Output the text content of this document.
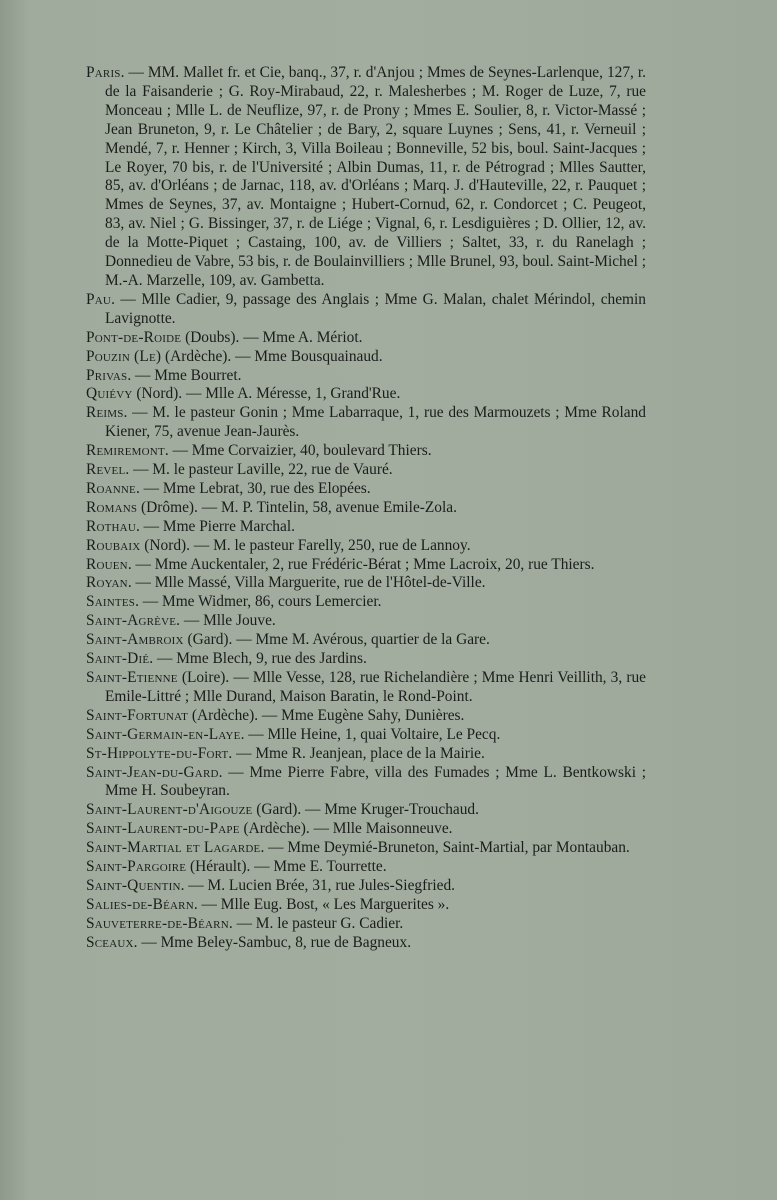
Paris. — MM. Mallet fr. et Cie, banq., 37, r. d'Anjou ; Mmes de Seynes-Larlenque, 127, r. de la Faisanderie ; G. Roy-Mirabaud, 22, r. Malesherbes ; M. Roger de Luze, 7, rue Monceau ; Mlle L. de Neuflize, 97, r. de Prony ; Mmes E. Soulier, 8, r. Victor-Massé ; Jean Bruneton, 9, r. Le Châtelier ; de Bary, 2, square Luynes ; Sens, 41, r. Verneuil ; Mendé, 7, r. Henner ; Kirch, 3, Villa Boileau ; Bonneville, 52 bis, boul. Saint-Jacques ; Le Royer, 70 bis, r. de l'Université ; Albin Dumas, 11, r. de Pétrograd ; Mlles Sautter, 85, av. d'Orléans ; de Jarnac, 118, av. d'Orléans ; Marq. J. d'Hauteville, 22, r. Pauquet ; Mmes de Seynes, 37, av. Montaigne ; Hubert-Cornud, 62, r. Condorcet ; C. Peugeot, 83, av. Niel ; G. Bissinger, 37, r. de Liége ; Vignal, 6, r. Lesdiguières ; D. Ollier, 12, av. de la Motte-Piquet ; Castaing, 100, av. de Villiers ; Saltet, 33, r. du Ranelagh ; Donnedieu de Vabre, 53 bis, r. de Boulainvilliers ; Mlle Brunel, 93, boul. Saint-Michel ; M.-A. Marzelle, 109, av. Gambetta.

Pau. — Mlle Cadier, 9, passage des Anglais ; Mme G. Malan, chalet Mérindol, chemin Lavignotte.

Pont-de-Roide (Doubs). — Mme A. Mériot.

Pouzin (Le) (Ardèche). — Mme Bousquainaud.

Privas. — Mme Bourret.

Quiévy (Nord). — Mlle A. Méresse, 1, Grand'Rue.

Reims. — M. le pasteur Gonin ; Mme Labarraque, 1, rue des Marmouzets ; Mme Roland Kiener, 75, avenue Jean-Jaurès.

Remiremont. — Mme Corvaizier, 40, boulevard Thiers.

Revel. — M. le pasteur Laville, 22, rue de Vauré.

Roanne. — Mme Lebrat, 30, rue des Elopées.

Romans (Drôme). — M. P. Tintelin, 58, avenue Emile-Zola.

Rothau. — Mme Pierre Marchal.

Roubaix (Nord). — M. le pasteur Farelly, 250, rue de Lannoy.

Rouen. — Mme Auckentaler, 2, rue Frédéric-Bérat ; Mme Lacroix, 20, rue Thiers.

Royan. — Mlle Massé, Villa Marguerite, rue de l'Hôtel-de-Ville.

Saintes. — Mme Widmer, 86, cours Lemercier.

Saint-Agrève. — Mlle Jouve.

Saint-Ambroix (Gard). — Mme M. Avérous, quartier de la Gare.

Saint-Dié. — Mme Blech, 9, rue des Jardins.

Saint-Etienne (Loire). — Mlle Vesse, 128, rue Richelandière ; Mme Henri Veillith, 3, rue Emile-Littré ; Mlle Durand, Maison Baratin, le Rond-Point.

Saint-Fortunat (Ardèche). — Mme Eugène Sahy, Dunières.

Saint-Germain-en-Laye. — Mlle Heine, 1, quai Voltaire, Le Pecq.

St-Hippolyte-du-Fort. — Mme R. Jeanjean, place de la Mairie.

Saint-Jean-du-Gard. — Mme Pierre Fabre, villa des Fumades ; Mme L. Bentkowski ; Mme H. Soubeyran.

Saint-Laurent-d'Aigouze (Gard). — Mme Kruger-Trouchaud.

Saint-Laurent-du-Pape (Ardèche). — Mlle Maisonneuve.

Saint-Martial et Lagarde. — Mme Deymié-Bruneton, Saint-Martial, par Montauban.

Saint-Pargoire (Hérault). — Mme E. Tourrette.

Saint-Quentin. — M. Lucien Brée, 31, rue Jules-Siegfried.

Salies-de-Béarn. — Mlle Eug. Bost, « Les Marguerites ».

Sauveterre-de-Béarn. — M. le pasteur G. Cadier.

Sceaux. — Mme Beley-Sambuc, 8, rue de Bagneux.
